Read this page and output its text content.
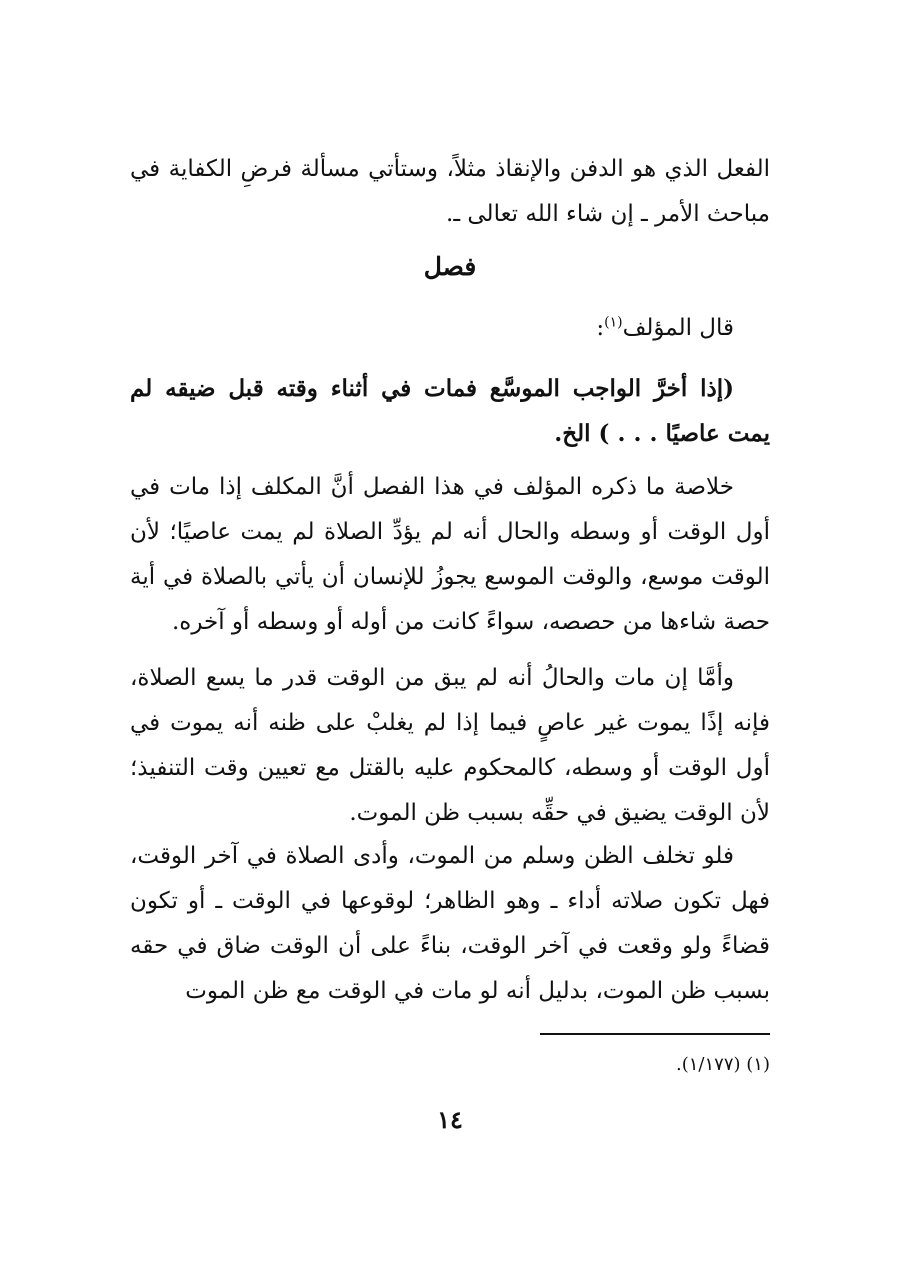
الفعل الذي هو الدفن والإنقاذ مثلاً، وستأتي مسألة فرضِ الكفاية في مباحث الأمر ـ إن شاء الله تعالى ـ.

فصل

قال المؤلف$^{(١)}$:

(إذا أخرَّ الواجب الموسَّع فمات في أثناء وقته قبل ضيقه لم يمت عاصيًا . . . ) الخ.

خلاصة ما ذكره المؤلف في هذا الفصل أنَّ المكلف إذا مات في أول الوقت أو وسطه والحال أنه لم يؤدِّ الصلاة لم يمت عاصيًا؛ لأن الوقت موسع، والوقت الموسع يجوزُ للإنسان أن يأتي بالصلاة في أية حصة شاءها من حصصه، سواءً كانت من أوله أو وسطه أو آخره.

وأمَّا إن مات والحالُ أنه لم يبق من الوقت قدر ما يسع الصلاة، فإنه إذًا يموت غير عاصٍ فيما إذا لم يغلبْ على ظنه أنه يموت في أول الوقت أو وسطه، كالمحكوم عليه بالقتل مع تعيين وقت التنفيذ؛ لأن الوقت يضيق في حقِّه بسبب ظن الموت.

فلو تخلف الظن وسلم من الموت، وأدى الصلاة في آخر الوقت، فهل تكون صلاته أداء ـ وهو الظاهر؛ لوقوعها في الوقت ـ أو تكون قضاءً ولو وقعت في آخر الوقت، بناءً على أن الوقت ضاق في حقه بسبب ظن الموت، بدليل أنه لو مات في الوقت مع ظن الموت

(١) (١/١٧٧).

١٤
